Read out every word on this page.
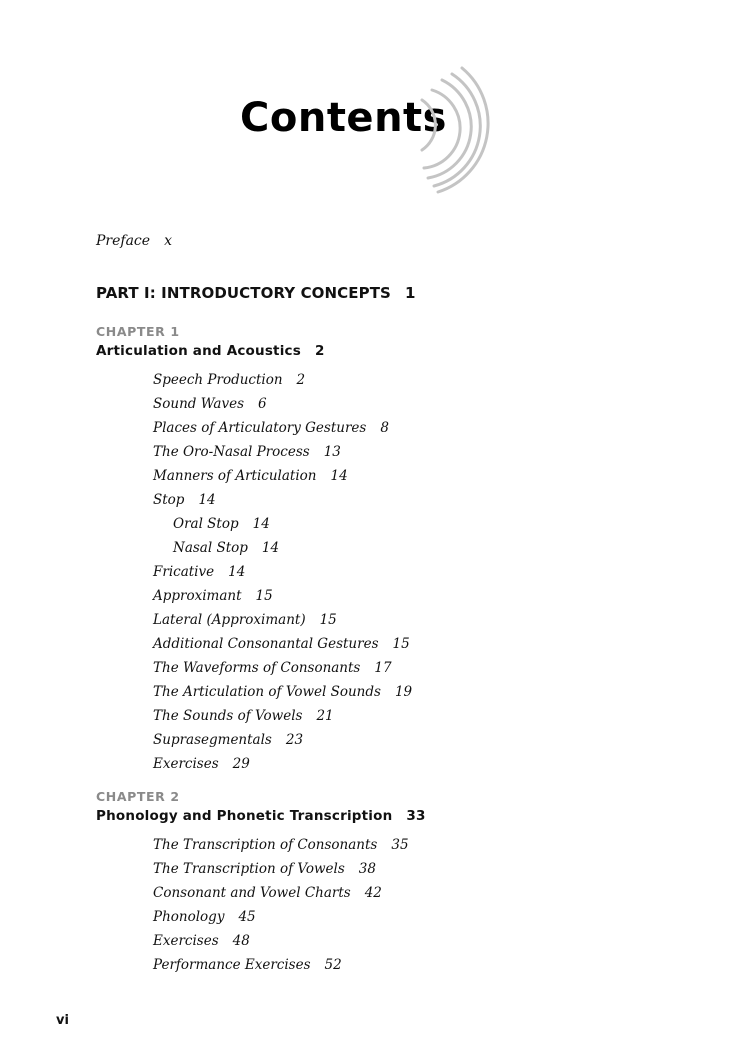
Contents

Preface x

PART I: INTRODUCTORY CONCEPTS 1
CHAPTER 1
Articulation and Acoustics 2
Speech Production 2
Sound Waves 6
Places of Articulatory Gestures 8
The Oro-Nasal Process 13
Manners of Articulation 14
Stop 14
Oral Stop 14
Nasal Stop 14
Fricative 14
Approximant 15
Lateral (Approximant) 15
Additional Consonantal Gestures 15
The Waveforms of Consonants 17
The Articulation of Vowel Sounds 19
The Sounds of Vowels 21
Suprasegmentals 23
Exercises 29
CHAPTER 2
Phonology and Phonetic Transcription 33
The Transcription of Consonants 35
The Transcription of Vowels 38
Consonant and Vowel Charts 42
Phonology 45
Exercises 48
Performance Exercises 52
vi
